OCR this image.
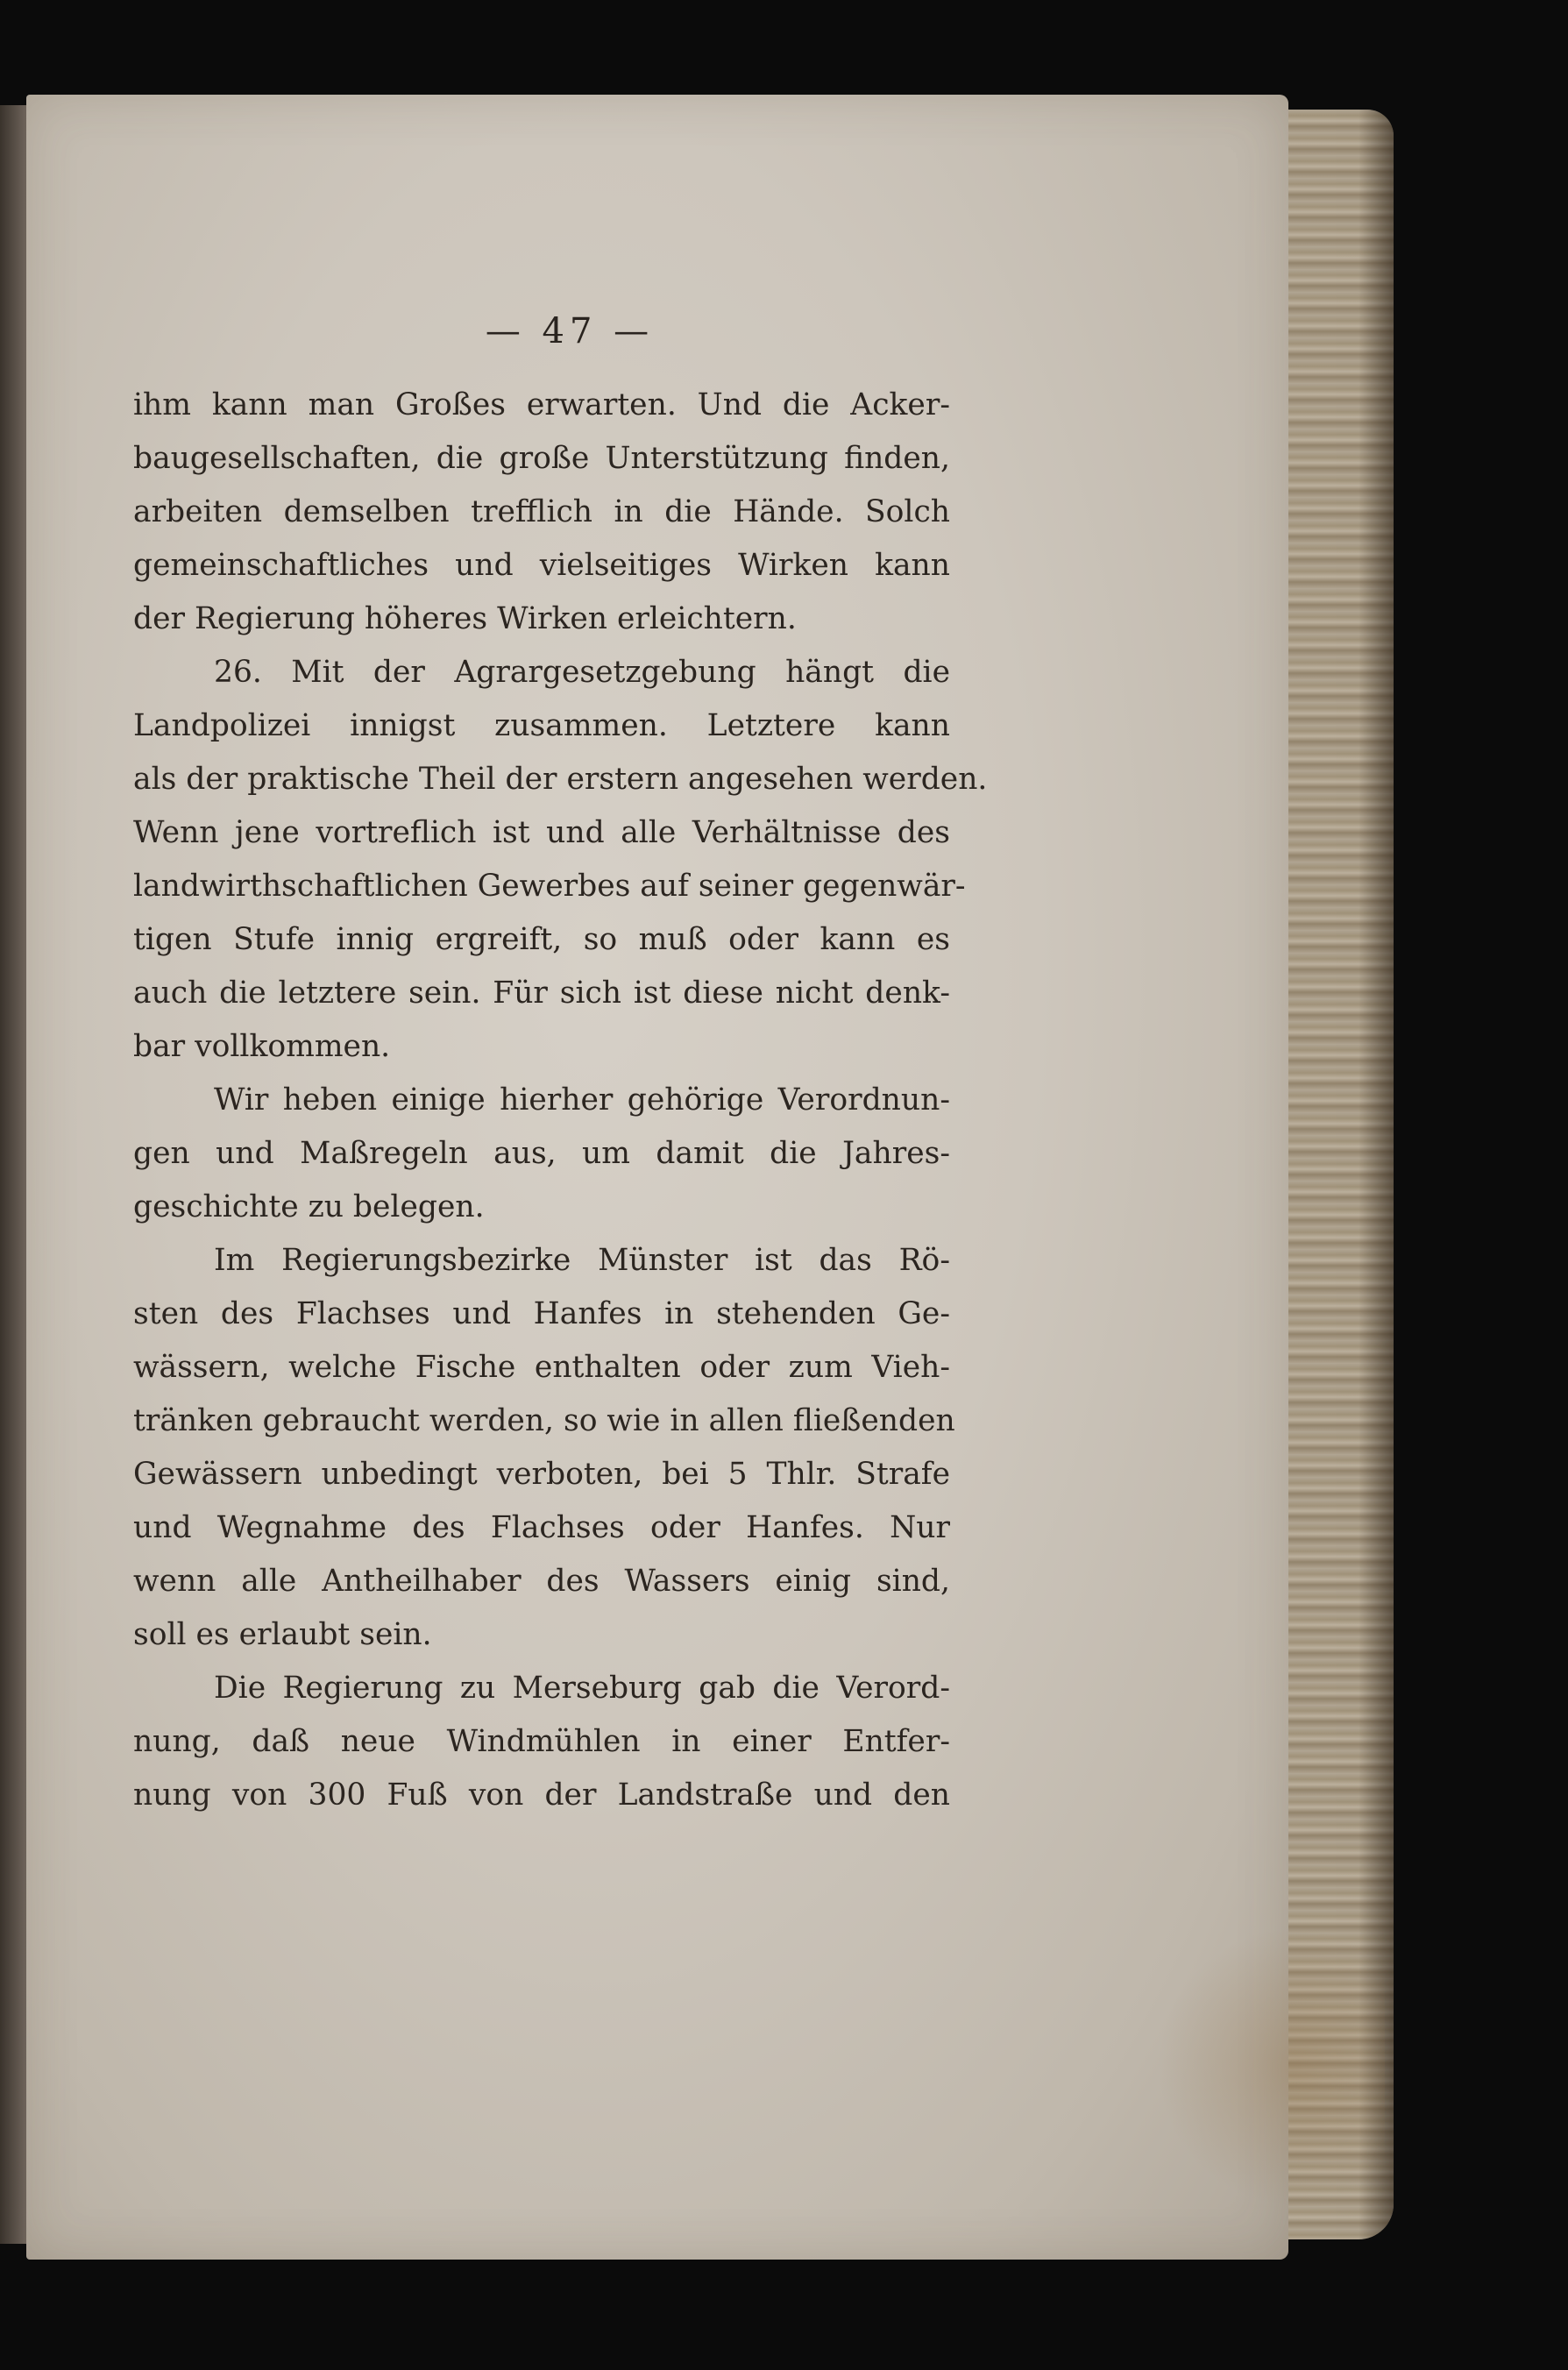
— 47 —
ihm kann man Großes erwarten. Und die Acker-
baugesellschaften, die große Unterstützung finden,
arbeiten demselben trefflich in die Hände. Solch
gemeinschaftliches und vielseitiges Wirken kann
der Regierung höheres Wirken erleichtern.
26. Mit der Agrargesetzgebung hängt die
Landpolizei innigst zusammen. Letztere kann
als der praktische Theil der erstern angesehen werden.
Wenn jene vortreflich ist und alle Verhältnisse des
landwirthschaftlichen Gewerbes auf seiner gegenwär-
tigen Stufe innig ergreift, so muß oder kann es
auch die letztere sein. Für sich ist diese nicht denk-
bar vollkommen.
Wir heben einige hierher gehörige Verordnun-
gen und Maßregeln aus, um damit die Jahres-
geschichte zu belegen.
Im Regierungsbezirke Münster ist das Rö-
sten des Flachses und Hanfes in stehenden Ge-
wässern, welche Fische enthalten oder zum Vieh-
tränken gebraucht werden, so wie in allen fließenden
Gewässern unbedingt verboten, bei 5 Thlr. Strafe
und Wegnahme des Flachses oder Hanfes. Nur
wenn alle Antheilhaber des Wassers einig sind,
soll es erlaubt sein.
Die Regierung zu Merseburg gab die Verord-
nung, daß neue Windmühlen in einer Entfer-
nung von 300 Fuß von der Landstraße und den
